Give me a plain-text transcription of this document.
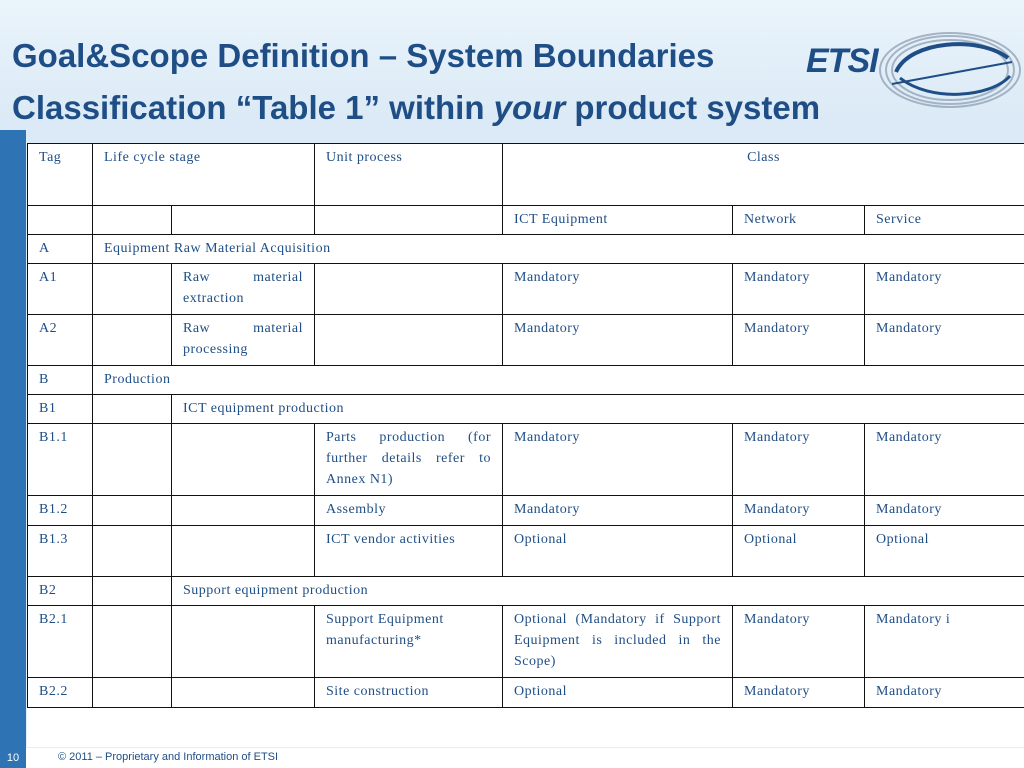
Goal&Scope Definition – System Boundaries
Classification “Table 1” within your product system
ETSI
Tag	Life cycle stage		Unit process	Class		
				ICT Equipment	Network	Service
A	Equipment Raw Material Acquisition					
A1		Raw material extraction		Mandatory	Mandatory	Mandatory
A2		Raw material processing		Mandatory	Mandatory	Mandatory
B	Production					
B1		ICT equipment production				
B1.1			Parts production (for further details refer to Annex N1)	Mandatory	Mandatory	Mandatory
B1.2			Assembly	Mandatory	Mandatory	Mandatory
B1.3			ICT vendor activities	Optional	Optional	Optional
B2		Support equipment production				
B2.1			Support Equipment manufacturing*	Optional (Mandatory if Support Equipment is included in the Scope)	Mandatory	Mandatory i
B2.2			Site construction	Optional	Mandatory	Mandatory
10	© 2011 – Proprietary and Information of ETSI
